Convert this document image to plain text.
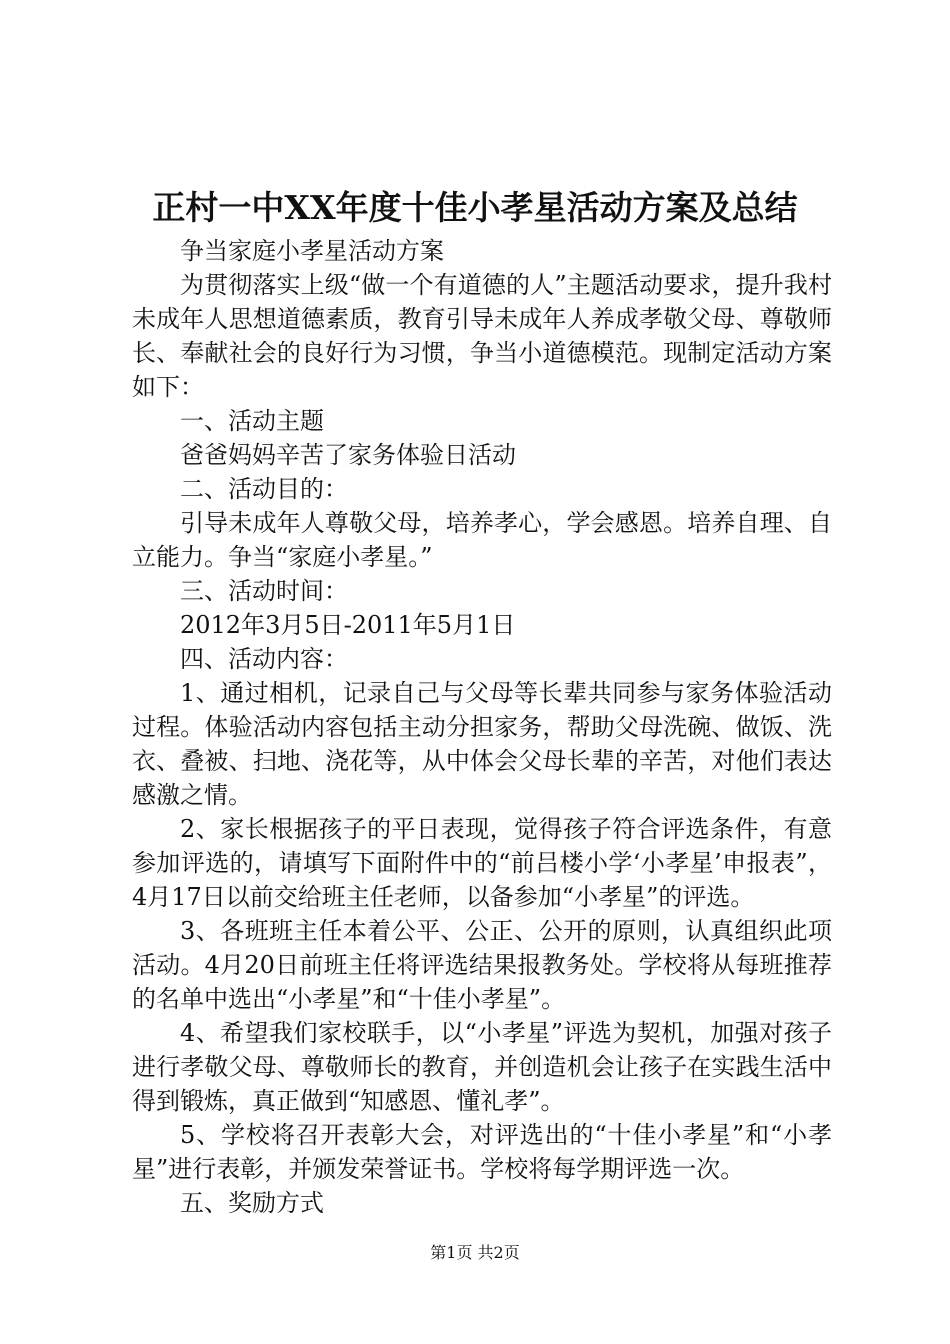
正村一中XX年度十佳小孝星活动方案及总结

争当家庭小孝星活动方案

为贯彻落实上级“做一个有道德的人”主题活动要求，提升我村未成年人思想道德素质，教育引导未成年人养成孝敬父母、尊敬师长、奉献社会的良好行为习惯，争当小道德模范。现制定活动方案如下：

一、活动主题

爸爸妈妈辛苦了家务体验日活动

二、活动目的：

引导未成年人尊敬父母，培养孝心，学会感恩。培养自理、自立能力。争当“家庭小孝星。”

三、活动时间：

2012年3月5日-2011年5月1日

四、活动内容：

1、通过相机，记录自己与父母等长辈共同参与家务体验活动过程。体验活动内容包括主动分担家务，帮助父母洗碗、做饭、洗衣、叠被、扫地、浇花等，从中体会父母长辈的辛苦，对他们表达感激之情。

2、家长根据孩子的平日表现，觉得孩子符合评选条件，有意参加评选的，请填写下面附件中的“前吕楼小学‘小孝星’申报表”，4月17日以前交给班主任老师，以备参加“小孝星”的评选。

3、各班班主任本着公平、公正、公开的原则，认真组织此项活动。4月20日前班主任将评选结果报教务处。学校将从每班推荐的名单中选出“小孝星”和“十佳小孝星”。

4、希望我们家校联手，以“小孝星”评选为契机，加强对孩子进行孝敬父母、尊敬师长的教育，并创造机会让孩子在实践生活中得到锻炼，真正做到“知感恩、懂礼孝”。

5、学校将召开表彰大会，对评选出的“十佳小孝星”和“小孝星”进行表彰，并颁发荣誉证书。学校将每学期评选一次。

五、奖励方式

第1页 共2页
